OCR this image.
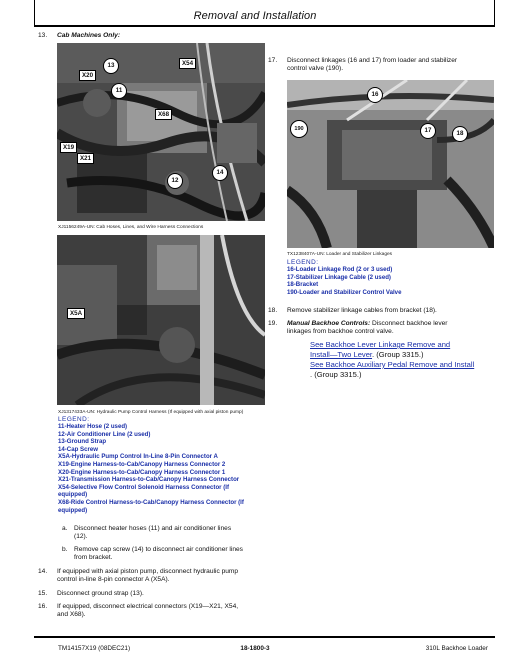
Removal and Installation
13. Cab Machines Only:
13	X54
X20
11
X68
X19
X21
12
14
XJ1156249A-UN: Cab Hoses, Lines, and Wire Harness Connections
X5A
XJ1317433A-UN: Hydraulic Pump Control Harness (If equipped with axial piston pump)
LEGEND:
11-Heater Hose (2 used)
12-Air Conditioner Line (2 used)
13-Ground Strap
14-Cap Screw
X5A-Hydraulic Pump Control In-Line 8-Pin Connector A
X19-Engine Harness-to-Cab/Canopy Harness Connector 2
X20-Engine Harness-to-Cab/Canopy Harness Connector 1
X21-Transmission Harness-to-Cab/Canopy Harness Connector
X54-Selective Flow Control Solenoid Harness Connector (If
equipped)
X68-Ride Control Harness-to-Cab/Canopy Harness Connector (If
equipped)
a. Disconnect heater hoses (11) and air conditioner lines
(12).
b. Remove cap screw (14) to disconnect air conditioner lines
from bracket.
14. If equipped with axial piston pump, disconnect hydraulic pump
control in-line 8-pin connector A (X5A).
15. Disconnect ground strap (13).
16. If equipped, disconnect electrical connectors (X19—X21, X54,
and X68).
17. Disconnect linkages (16 and 17) from loader and stabilizer
control valve (190).
16
190	17	18
TX1238407A-UN: Loader and Stabilizer Linkages
LEGEND:
16-Loader Linkage Rod (2 or 3 used)
17-Stabilizer Linkage Cable (2 used)
18-Bracket
190-Loader and Stabilizer Control Valve
18. Remove stabilizer linkage cables from bracket (18).
19. Manual Backhoe Controls: Disconnect backhoe lever
linkages from backhoe control valve.
See Backhoe Lever Linkage Remove and
Install—Two Lever. (Group 3315.)
See Backhoe Auxiliary Pedal Remove and Install
. (Group 3315.)
TM14157X19 (08DEC21)	18-1800-3	310L Backhoe Loader
